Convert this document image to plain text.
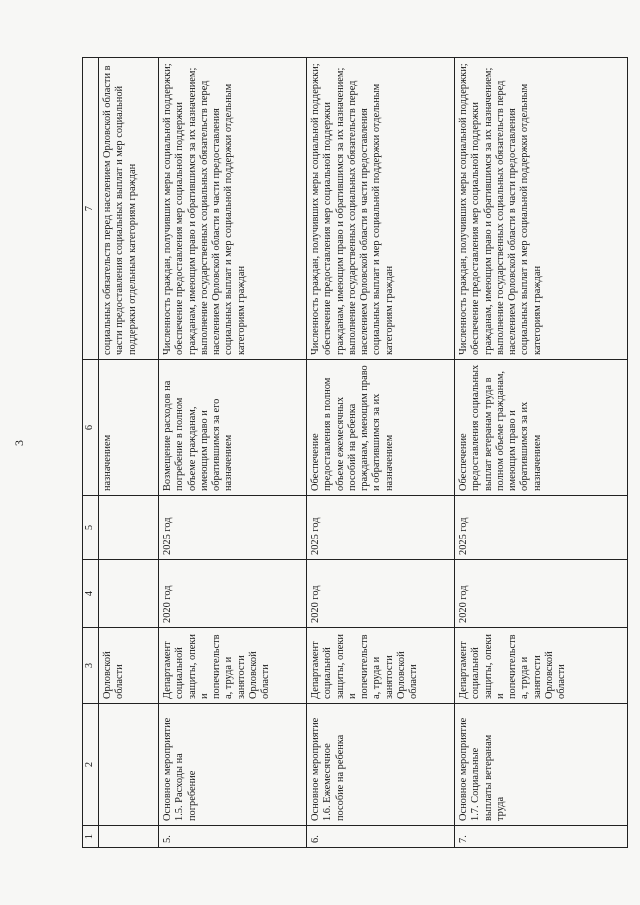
3
1	2	3	4	5	6	7
		Орловской области			назначением	социальных обязательств перед населением Орловской области в части предоставления социальных выплат и мер социальной поддержки отдельным категориям граждан
5.	Основное мероприятие 1.5. Расходы на погребение	Департамент социальной защиты, опеки и попечительства, труда и занятости Орловской области	2020 год	2025 год	Возмещение расходов на погребение в полном объеме гражданам, имеющим право и обратившимся за его назначением	Численность граждан, получивших меры социальной поддержки; обеспечение предоставления мер социальной поддержки гражданам, имеющим право и обратившимся за их назначением; выполнение государственных социальных обязательств перед населением Орловской области в части предоставления социальных выплат и мер социальной поддержки отдельным категориям граждан
6.	Основное мероприятие 1.6. Ежемесячное пособие на ребенка	Департамент социальной защиты, опеки и попечительства, труда и занятости Орловской области	2020 год	2025 год	Обеспечение предоставления в полном объеме ежемесячных пособий на ребенка гражданам, имеющим право и обратившимся за их назначением	Численность граждан, получивших меры социальной поддержки; обеспечение предоставления мер социальной поддержки гражданам, имеющим право и обратившимся за их назначением; выполнение государственных социальных обязательств перед населением Орловской области в части предоставления социальных выплат и мер социальной поддержки отдельным категориям граждан
7.	Основное мероприятие 1.7. Социальные выплаты ветеранам труда	Департамент социальной защиты, опеки и попечительства, труда и занятости Орловской области	2020 год	2025 год	Обеспечение предоставления социальных выплат ветеранам труда в полном объеме гражданам, имеющим право и обратившимся за их назначением	Численность граждан, получивших меры социальной поддержки; обеспечение предоставления мер социальной поддержки гражданам, имеющим право и обратившимся за их назначением; выполнение государственных социальных обязательств перед населением Орловской области в части предоставления социальных выплат и мер социальной поддержки отдельным категориям граждан
